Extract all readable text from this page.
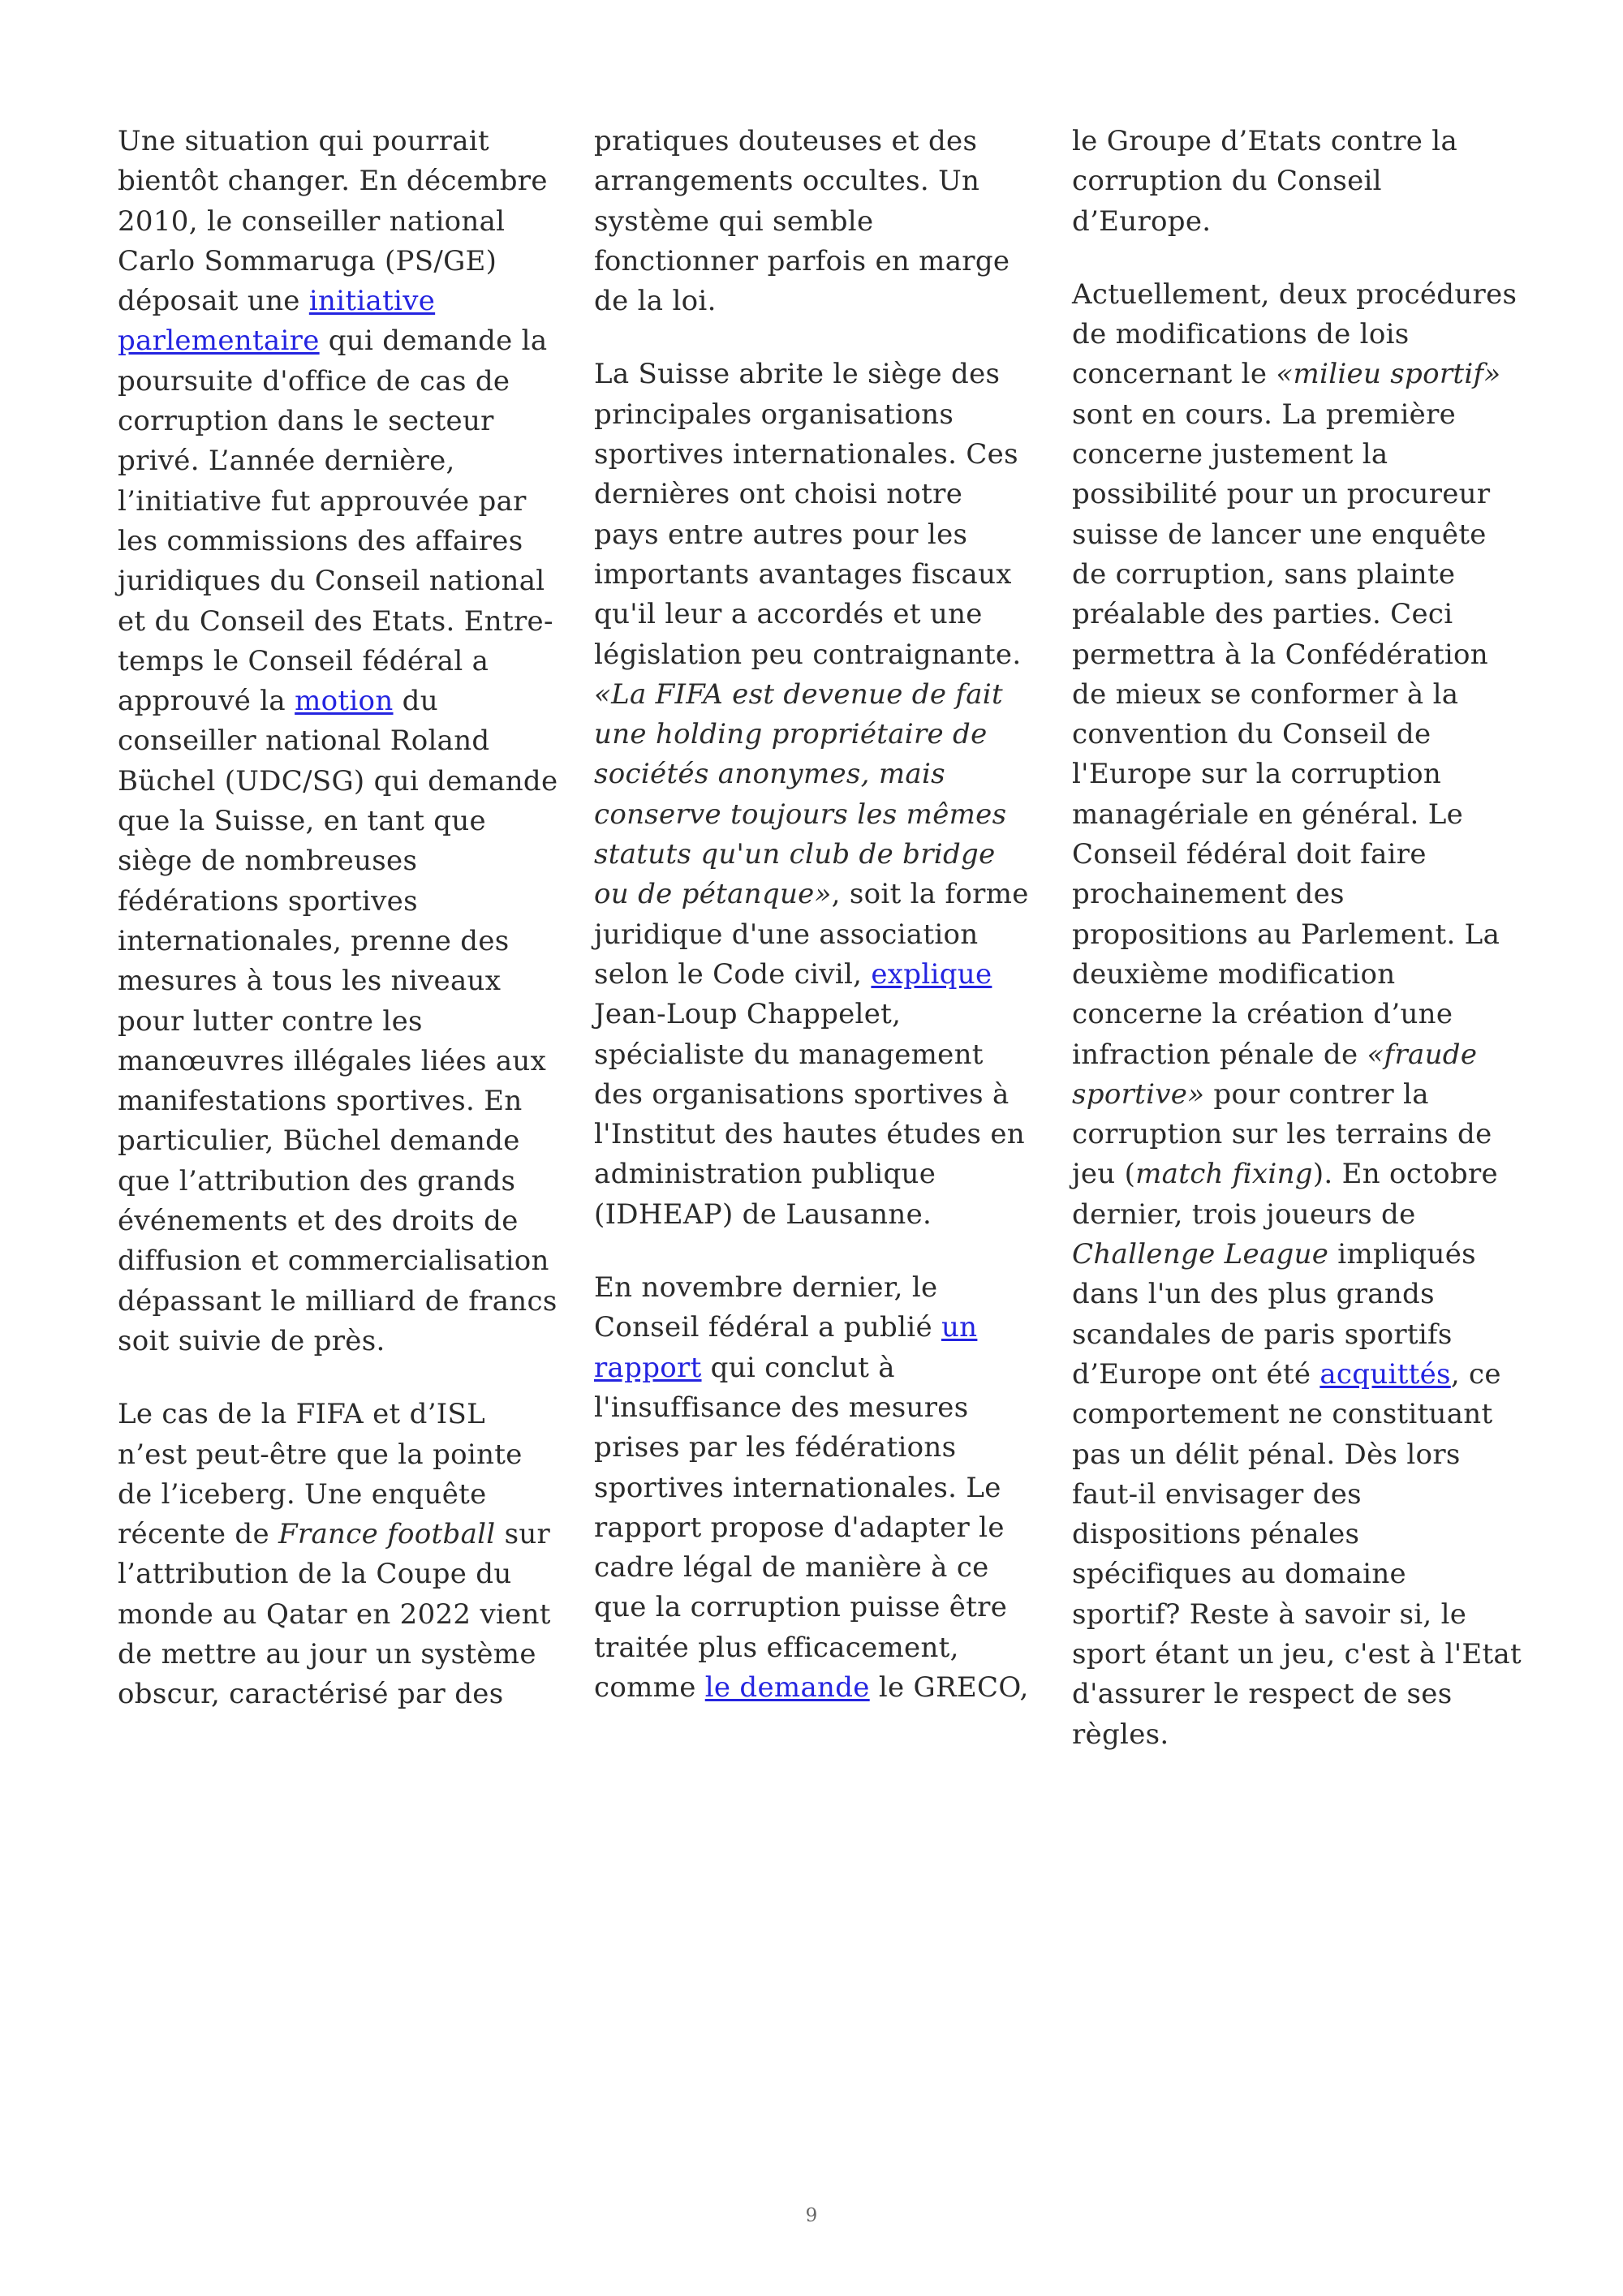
Une situation qui pourrait bientôt changer. En décembre 2010, le conseiller national Carlo Sommaruga (PS/GE) déposait une initiative parlementaire qui demande la poursuite d'office de cas de corruption dans le secteur privé. L’année dernière, l’initiative fut approuvée par les commissions des affaires juridiques du Conseil national et du Conseil des Etats. Entre-temps le Conseil fédéral a approuvé la motion du conseiller national Roland Büchel (UDC/SG) qui demande que la Suisse, en tant que siège de nombreuses fédérations sportives internationales, prenne des mesures à tous les niveaux pour lutter contre les manœuvres illégales liées aux manifestations sportives. En particulier, Büchel demande que l’attribution des grands événements et des droits de diffusion et commercialisation dépassant le milliard de francs soit suivie de près.

Le cas de la FIFA et d’ISL n’est peut-être que la pointe de l’iceberg. Une enquête récente de France football sur l’attribution de la Coupe du monde au Qatar en 2022 vient de mettre au jour un système obscur, caractérisé par des

pratiques douteuses et des arrangements occultes. Un système qui semble fonctionner parfois en marge de la loi.

La Suisse abrite le siège des principales organisations sportives internationales. Ces dernières ont choisi notre pays entre autres pour les importants avantages fiscaux qu'il leur a accordés et une législation peu contraignante. «La FIFA est devenue de fait une holding propriétaire de sociétés anonymes, mais conserve toujours les mêmes statuts qu'un club de bridge ou de pétanque», soit la forme juridique d'une association selon le Code civil, explique Jean-Loup Chappelet, spécialiste du management des organisations sportives à l'Institut des hautes études en administration publique (IDHEAP) de Lausanne.

En novembre dernier, le Conseil fédéral a publié un rapport qui conclut à l'insuffisance des mesures prises par les fédérations sportives internationales. Le rapport propose d'adapter le cadre légal de manière à ce que la corruption puisse être traitée plus efficacement, comme le demande le GRECO,

le Groupe d’Etats contre la corruption du Conseil d’Europe.

Actuellement, deux procédures de modifications de lois concernant le «milieu sportif» sont en cours. La première concerne justement la possibilité pour un procureur suisse de lancer une enquête de corruption, sans plainte préalable des parties. Ceci permettra à la Confédération de mieux se conformer à la convention du Conseil de l'Europe sur la corruption managériale en général. Le Conseil fédéral doit faire prochainement des propositions au Parlement. La deuxième modification concerne la création d’une infraction pénale de «fraude sportive» pour contrer la corruption sur les terrains de jeu (match fixing). En octobre dernier, trois joueurs de Challenge League impliqués dans l'un des plus grands scandales de paris sportifs d’Europe ont été acquittés, ce comportement ne constituant pas un délit pénal. Dès lors faut-il envisager des dispositions pénales spécifiques au domaine sportif? Reste à savoir si, le sport étant un jeu, c'est à l'Etat d'assurer le respect de ses règles.

9
